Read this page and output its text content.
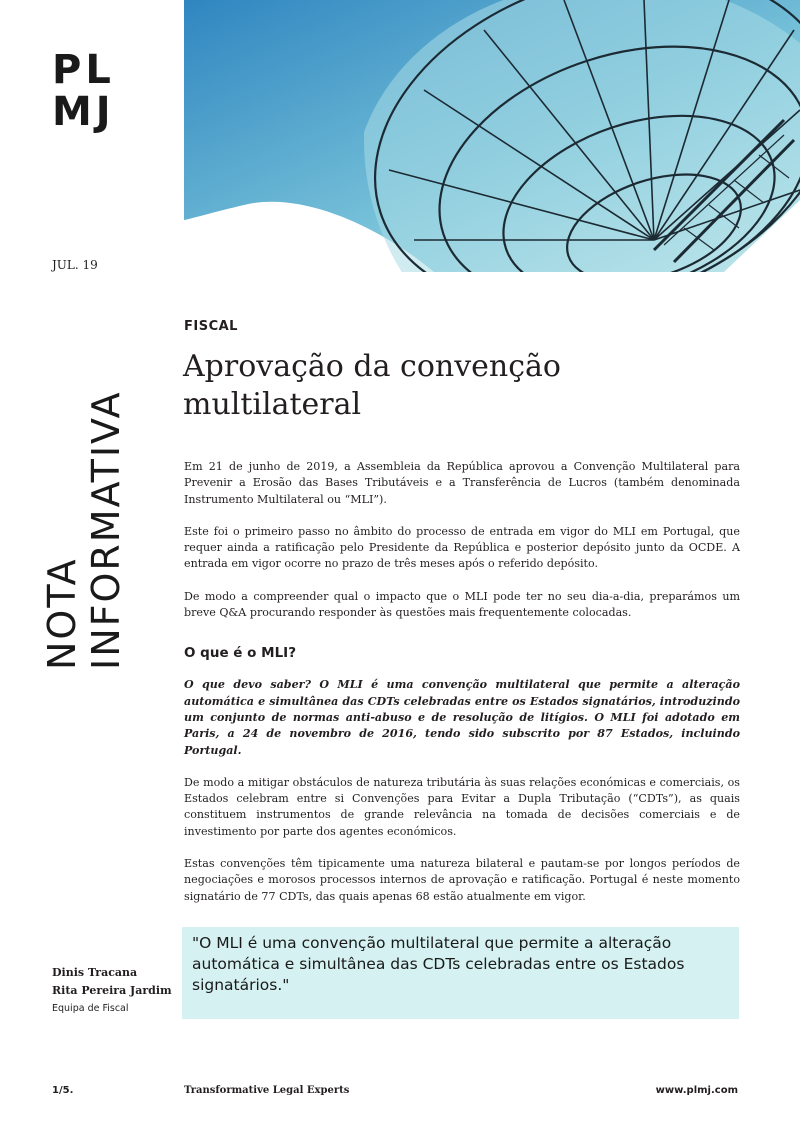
PL
MJ
JUL. 19
NOTA INFORMATIVA
FISCAL
Aprovação da convenção
multilateral

Em 21 de junho de 2019, a Assembleia da República aprovou a Convenção Multilateral para Prevenir a Erosão das Bases Tributáveis e a Transferência de Lucros (também denominada Instrumento Multilateral ou “MLI”).

Este foi o primeiro passo no âmbito do processo de entrada em vigor do MLI em Portugal, que requer ainda a ratificação pelo Presidente da República e posterior depósito junto da OCDE. A entrada em vigor ocorre no prazo de três meses após o referido depósito.

De modo a compreender qual o impacto que o MLI pode ter no seu dia-a-dia, preparámos um breve Q&A procurando responder às questões mais frequentemente colocadas.

O que é o MLI?

O que devo saber? O MLI é uma convenção multilateral que permite a alteração automática e simultânea das CDTs celebradas entre os Estados signatários, introduzindo um conjunto de normas anti-abuso e de resolução de litígios. O MLI foi adotado em Paris, a 24 de novembro de 2016, tendo sido subscrito por 87 Estados, incluindo Portugal.

De modo a mitigar obstáculos de natureza tributária às suas relações económicas e comerciais, os Estados celebram entre si Convenções para Evitar a Dupla Tributação (“CDTs”), as quais constituem instrumentos de grande relevância na tomada de decisões comerciais e de investimento por parte dos agentes económicos.

Estas convenções têm tipicamente uma natureza bilateral e pautam-se por longos períodos de negociações e morosos processos internos de aprovação e ratificação. Portugal é neste momento signatário de 77 CDTs, das quais apenas 68 estão atualmente em vigor.

"O MLI é uma convenção multilateral que permite a alteração automática e simultânea das CDTs celebradas entre os Estados signatários."
Dinis Tracana
Rita Pereira Jardim
Equipa de Fiscal
1/5.	Transformative Legal Experts	www.plmj.com
